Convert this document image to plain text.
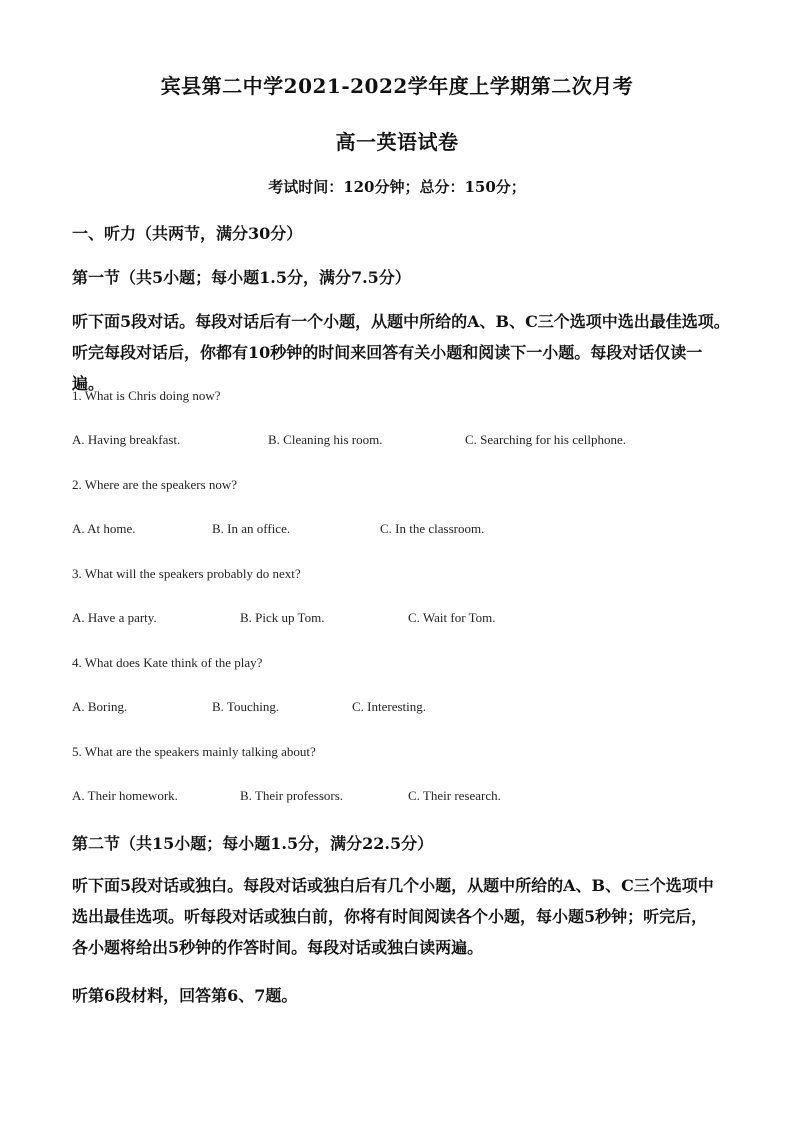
宾县第二中学2021-2022学年度上学期第二次月考
高一英语试卷
考试时间：120分钟；总分：150分；
一、听力（共两节，满分30分）
第一节（共5小题；每小题1.5分，满分7.5分）
听下面5段对话。每段对话后有一个小题，从题中所给的A、B、C三个选项中选出最佳选项。
听完每段对话后，你都有10秒钟的时间来回答有关小题和阅读下一小题。每段对话仅读一遍。
1. What is Chris doing now?
A. Having breakfast.	B. Cleaning his room.	C. Searching for his cellphone.
2. Where are the speakers now?
A. At home.	B. In an office.	C. In the classroom.
3. What will the speakers probably do next?
A. Have a party.	B. Pick up Tom.	C. Wait for Tom.
4. What does Kate think of the play?
A. Boring.	B. Touching.	C. Interesting.
5. What are the speakers mainly talking about?
A. Their homework.	B. Their professors.	C. Their research.
第二节（共15小题；每小题1.5分，满分22.5分）
听下面5段对话或独白。每段对话或独白后有几个小题，从题中所给的A、B、C三个选项中
选出最佳选项。听每段对话或独白前，你将有时间阅读各个小题，每小题5秒钟；听完后，
各小题将给出5秒钟的作答时间。每段对话或独白读两遍。
听第6段材料，回答第6、7题。
